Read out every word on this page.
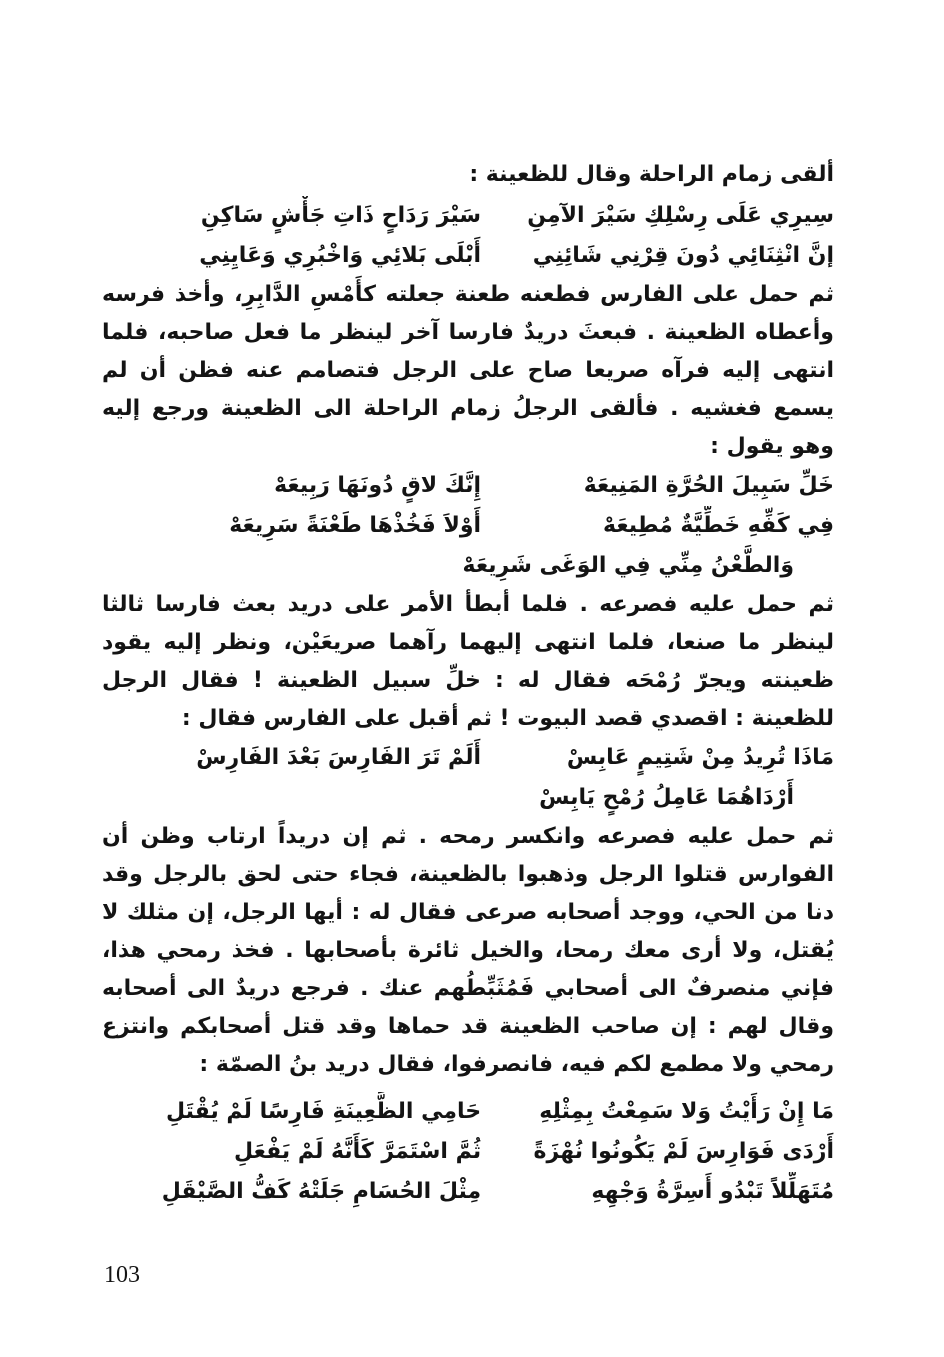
ألقى زمام الراحلة وقال للظعينة :

سِيرِي عَلَى رِسْلِكِ سَيْرَ الآمِنِ
سَيْرَ رَدَاحٍ ذَاتِ جَأْشٍ سَاكِنِ
إنَّ انْثِنَائِي دُونَ قِرْنِي شَائِنِي
أَبْلَى بَلائِي وَاخْبُرِي وَعَايِنِي

ثم حمل على الفارس فطعنه طعنة جعلته كأَمْسِ الدَّابِرِ، وأخذ فرسه وأعطاه الظعينة . فبعثَ دريدٌ فارسا آخر لينظر ما فعل صاحبه، فلما انتهى إليه فرآه صريعا صاح على الرجل فتصامم عنه فظن أن لم يسمع فغشيه . فألقى الرجلُ زمام الراحلة الى الظعينة ورجع إليه وهو يقول :

خَلِّ سَبِيلَ الحُرَّةِ المَنِيعَهْ
إِنَّكَ لاقٍ دُونَهَا رَبِيعَهْ
فِي كَفِّهِ خَطِّيَّةٌ مُطِيعَهْ
أَوْلاَ فَخُذْهَا طَعْنَةً سَرِيعَهْ
وَالطَّعْنُ مِنِّي فِي الوَغَى شَرِيعَهْ

ثم حمل عليه فصرعه . فلما أبطأ الأمر على دريد بعث فارسا ثالثا لينظر ما صنعا، فلما انتهى إليهما رآهما صريعَيْن، ونظر إليه يقود ظعينته ويجرّ رُمْحَه فقال له : خلِّ سبيل الظعينة ! فقال الرجل للظعينة : اقصدي قصد البيوت ! ثم أقبل على الفارس فقال :

مَاذَا تُرِيدُ مِنْ شَتِيمٍ عَابِسْ
أَلَمْ تَرَ الفَارِسَ بَعْدَ الفَارِسْ
أَرْدَاهُمَا عَامِلُ رُمْحٍ يَابِسْ

ثم حمل عليه فصرعه وانكسر رمحه . ثم إن دريداً ارتاب وظن أن الفوارس قتلوا الرجل وذهبوا بالظعينة، فجاء حتى لحق بالرجل وقد دنا من الحي، ووجد أصحابه صرعى فقال له : أيها الرجل، إن مثلك لا يُقتل، ولا أرى معك رمحا، والخيل ثائرة بأصحابها . فخذ رمحي هذا، فإني منصرفٌ الى أصحابي فَمُثَبِّطُهم عنك . فرجع دريدٌ الى أصحابه وقال لهم : إن صاحب الظعينة قد حماها وقد قتل أصحابكم وانتزع رمحي ولا مطمع لكم فيه، فانصرفوا، فقال دريد بنُ الصمّة :

مَا إِنْ رَأَيْتُ وَلا سَمِعْتُ بِمِثْلِهِ
حَامِي الظَّعِينَةِ فَارِسًا لَمْ يُقْتَلِ
أَرْدَى فَوَارِسَ لَمْ يَكُونُوا نُهْزَةً
ثُمَّ اسْتَمَرَّ كَأَنَّهُ لَمْ يَفْعَلِ
مُتَهَلِّلاً تَبْدُو أَسِرَّةُ وَجْهِهِ
مِثْلَ الحُسَامِ جَلَتْهُ كَفُّ الصَّيْقَلِ
103
